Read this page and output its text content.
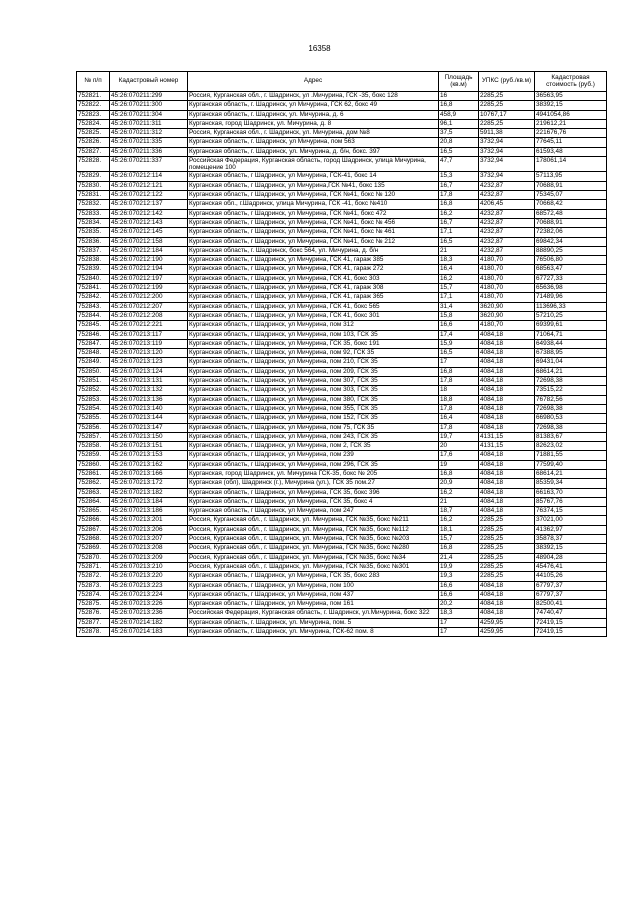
16358
№ п/п	Кадастровый номер	Адрес	Площадь (кв.м)	УПКС (руб./кв.м)	Кадастровая стоимость (руб.)
752821.	45:26:070211:299	Россия, Курганская обл., г. Шадринск, ул .Мичурина, ГСК -35, бокс 128	16	2285,25	36563,95
752822.	45:26:070211:300	Курганская область, г. Шадринск, ул Мичурина, ГСК 62, бокс 49	16,8	2285,25	38392,15
752823.	45:26:070211:304	Курганская область, г. Шадринск, ул. Мичурина, д. 6	458,9	10767,17	4941054,86
752824.	45:26:070211:311	Курганская, город Шадринск, ул. Мичурина, д. 8	96,1	2285,25	219612,21
752825.	45:26:070211:312	Россия, Курганская обл., г. Шадринск, ул. Мичурина, дом №8	37,5	5911,38	221676,76
752826.	45:26:070211:335	Курганская область, г. Шадринск, ул Мичурина, пом 563	20,8	3732,94	77645,11
752827.	45:26:070211:336	Курганская область, г. Шадринск, ул. Мичурина, д. б/н, бокс. 397	16,5	3732,94	61593,48
752828.	45:26:070211:337	Российская Федерация, Курганская область, город Шадринск, улица Мичурина, помещение 100	47,7	3732,94	178061,14
752829.	45:26:070212:114	Курганская область, г Шадринск, ул Мичурина, ГСК-41, бокс 14	15,3	3732,94	57113,95
752830.	45:26:070212:121	Курганская область, г Шадринск, ул Мичурина,ГСК №41, бокс 135	16,7	4232,87	70688,91
752831.	45:26:070212:122	Курганская область, г Шадринск, ул Мичурина, ГСК №41, бокс № 120	17,8	4232,87	75345,07
752832.	45:26:070212:137	Курганская обл., г.Шадринск, улица Мичурина, ГСК -41, бокс №410	16,8	4206,45	70668,42
752833.	45:26:070212:142	Курганская область, г Шадринск, ул Мичурина, ГСК №41, бокс 472	16,2	4232,87	68572,48
752834.	45:26:070212:143	Курганская область, г Шадринск, ул Мичурина, ГСК №41, бокс № 456	16,7	4232,87	70688,91
752835.	45:26:070212:145	Курганская область, г Шадринск, ул Мичурина, ГСК №41, бокс № 461	17,1	4232,87	72382,06
752836.	45:26:070212:158	Курганская область, г Шадринск, ул Мичурина, ГСК №41, бокс № 212	16,5	4232,87	69842,34
752837.	45:26:070212:184	Курганская область, г. Шадринск, бокс 564, ул. Мичурина, д. б/н	21	4232,87	88890,25
752838.	45:26:070212:190	Курганская область, г Шадринск, ул Мичурина, ГСК 41, гараж 385	18,3	4180,70	76506,80
752839.	45:26:070212:194	Курганская область, г Шадринск, ул Мичурина, ГСК 41, гараж 272	16,4	4180,70	68563,47
752840.	45:26:070212:197	Курганская область, г Шадринск, ул Мичурина, ГСК 41, бокс 303	16,2	4180,70	67727,33
752841.	45:26:070212:199	Курганская область, г Шадринск, ул Мичурина, ГСК 41, гараж 308	15,7	4180,70	65636,98
752842.	45:26:070212:200	Курганская область, г Шадринск, ул Мичурина, ГСК 41, гараж 365	17,1	4180,70	71489,96
752843.	45:26:070212:207	Курганская область, г Шадринск, ул Мичурина, ГСК 41, бокс 565	31,4	3620,90	113696,33
752844.	45:26:070212:208	Курганская область, г Шадринск, ул Мичурина, ГСК 41, бокс 301	15,8	3620,90	57210,25
752845.	45:26:070212:221	Курганская область, г Шадринск, ул Мичурина, пом 312	16,6	4180,70	69399,61
752846.	45:26:070213:117	Курганская область, г Шадринск, ул Мичурина, пом 103, ГСК 35	17,4	4084,18	71064,71
752847.	45:26:070213:119	Курганская область, г Шадринск, ул Мичурина, ГСК 35, бокс 191	15,9	4084,18	64938,44
752848.	45:26:070213:120	Курганская область, г Шадринск, ул Мичурина, пом 92, ГСК 35	16,5	4084,18	67388,95
752849.	45:26:070213:123	Курганская область, г Шадринск, ул Мичурина, пом 210, ГСК 35	17	4084,18	69431,04
752850.	45:26:070213:124	Курганская область, г Шадринск, ул Мичурина, пом 209, ГСК 35	16,8	4084,18	68614,21
752851.	45:26:070213:131	Курганская область, г Шадринск, ул Мичурина, пом 307, ГСК 35	17,8	4084,18	72698,38
752852.	45:26:070213:132	Курганская область, г Шадринск, ул Мичурина, пом 303, ГСК 35	18	4084,18	73515,22
752853.	45:26:070213:136	Курганская область, г Шадринск, ул Мичурина, пом 380, ГСК 35	18,8	4084,18	76782,56
752854.	45:26:070213:140	Курганская область, г Шадринск, ул Мичурина, пом 355, ГСК 35	17,8	4084,18	72698,38
752855.	45:26:070213:144	Курганская область, г Шадринск, ул Мичурина, пом 152, ГСК 35	16,4	4084,18	66980,53
752856.	45:26:070213:147	Курганская область, г Шадринск, ул Мичурина, пом 75, ГСК 35	17,8	4084,18	72698,38
752857.	45:26:070213:150	Курганская область, г Шадринск, ул Мичурина, пом 243, ГСК 35	19,7	4131,15	81383,67
752858.	45:26:070213:151	Курганская область, г Шадринск, ул Мичурина, пом 2, ГСК 35	20	4131,15	82623,02
752859.	45:26:070213:153	Курганская область, г Шадринск, ул Мичурина, пом 239	17,6	4084,18	71881,55
752860.	45:26:070213:162	Курганская область, г Шадринск, ул Мичурина, пом 296, ГСК 35	19	4084,18	77599,40
752861.	45:26:070213:166	Курганская, город Шадринск, ул. Мичурина ГСК-35, бокс № 205	16,8	4084,18	68614,21
752862.	45:26:070213:172	Курганская (обл), Шадринск (г.), Мичурина (ул.), ГСК 35 пом.27	20,9	4084,18	85359,34
752863.	45:26:070213:182	Курганская область, г Шадринск, ул Мичурина, ГСК 35, бокс 396	16,2	4084,18	66163,70
752864.	45:26:070213:184	Курганская область, г Шадринск, ул Мичурина, ГСК 35, бокс 4	21	4084,18	85767,76
752865.	45:26:070213:186	Курганская область, г Шадринск, ул Мичурина, пом 247	18,7	4084,18	76374,15
752866.	45:26:070213:201	Россия, Курганская обл., г. Шадринск, ул. Мичурина, ГСК №35, бокс №211	16,2	2285,25	37021,00
752867.	45:26:070213:206	Россия, Курганская обл., г. Шадринск, ул. Мичурина, ГСК №35, бокс №112	18,1	2285,25	41362,97
752868.	45:26:070213:207	Россия, Курганская обл., г. Шадринск, ул. Мичурина, ГСК №35, бокс №203	15,7	2285,25	35878,37
752869.	45:26:070213:208	Россия, Курганская обл., г. Шадринск, ул. Мичурина, ГСК №35, бокс №280	16,8	2285,25	38392,15
752870.	45:26:070213:209	Россия, Курганская обл., г. Шадринск, ул. Мичурина, ГСК №35, бокс №34	21,4	2285,25	48904,28
752871.	45:26:070213:210	Россия, Курганская обл., г. Шадринск, ул. Мичурина, ГСК №35, бокс №301	19,9	2285,25	45476,41
752872.	45:26:070213:220	Курганская область, г Шадринск, ул Мичурина, ГСК 35, бокс 283	19,3	2285,25	44105,26
752873.	45:26:070213:223	Курганская область, г Шадринск, ул Мичурина, пом 100	16,6	4084,18	67797,37
752874.	45:26:070213:224	Курганская область, г Шадринск, ул Мичурина, пом 437	16,6	4084,18	67797,37
752875.	45:26:070213:226	Курганская область, г Шадринск, ул Мичурина, пом 161	20,2	4084,18	82500,41
752876.	45:26:070213:236	Российская Федерация, Курганская область, г. Шадринск, ул.Мичурина, бокс 322	18,3	4084,18	74740,47
752877.	45:26:070214:182	Курганская область, г. Шадринск, ул. Мичурина, пом. 5	17	4259,95	72419,15
752878.	45:26:070214:183	Курганская область, г. Шадринск, ул. Мичурина, ГСК-62 пом. 8	17	4259,95	72419,15
